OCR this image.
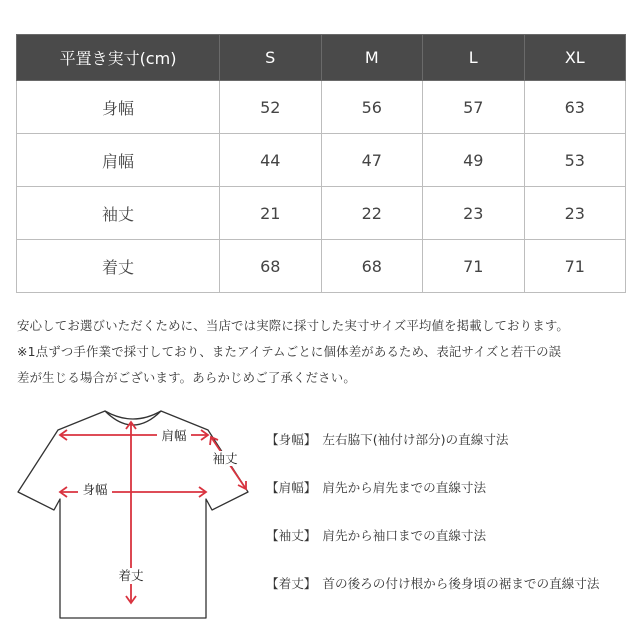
平置き実寸(cm)	S	M	L	XL
身幅	52	56	57	63
肩幅	44	47	49	53
袖丈	21	22	23	23
着丈	68	68	71	71

安心してお選びいただくために、当店では実際に採寸した実寸サイズ平均値を掲載しております。

※1点ずつ手作業で採寸しており、またアイテムごとに個体差があるため、表記サイズと若干の誤

差が生じる場合がございます。あらかじめご了承ください。

肩幅
袖丈
身幅
着丈
【身幅】 左右脇下(袖付け部分)の直線寸法
【肩幅】 肩先から肩先までの直線寸法
【袖丈】 肩先から袖口までの直線寸法
【着丈】 首の後ろの付け根から後身頃の裾までの直線寸法
